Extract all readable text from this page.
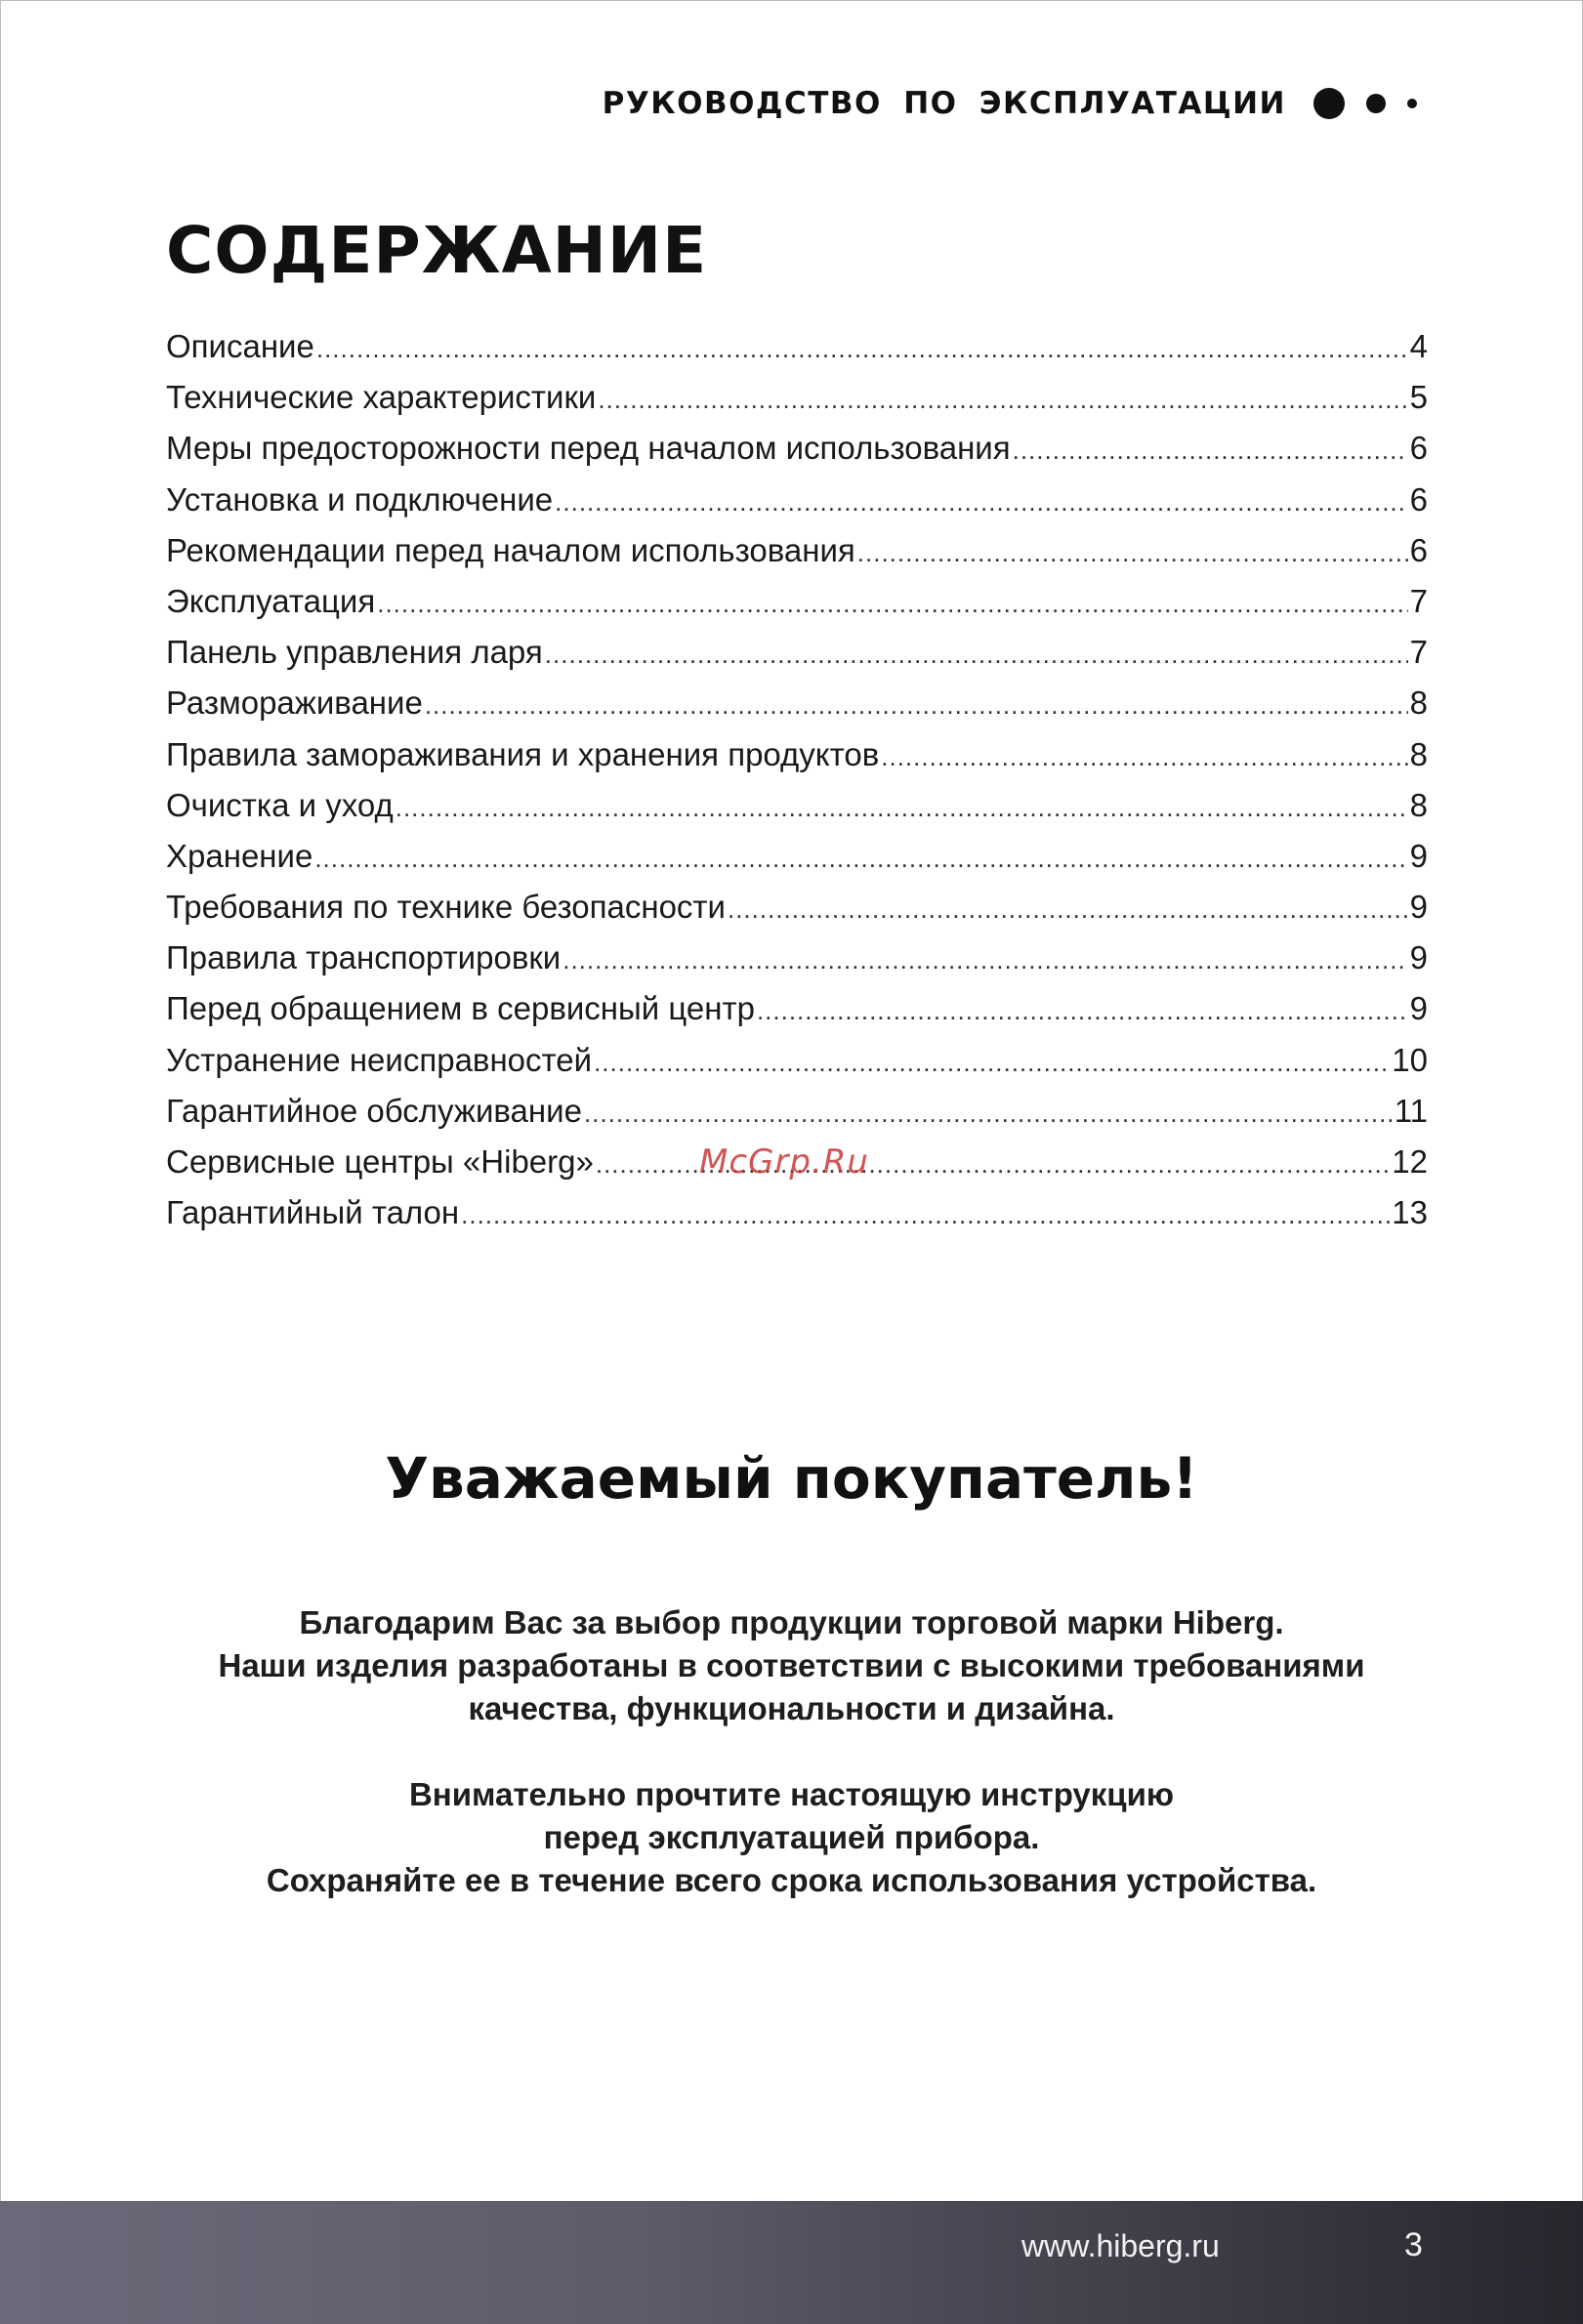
РУКОВОДСТВО ПО ЭКСПЛУАТАЦИИ
СОДЕРЖАНИЕ
Описание .....	4
Технические характеристики .....	5
Меры предосторожности перед началом использования .....	6
Установка и подключение .....	6
Рекомендации перед началом использования .....	6
Эксплуатация .....	7
Панель управления ларя .....	7
Размораживание .....	8
Правила замораживания и хранения продуктов .....	8
Очистка и уход .....	8
Хранение .....	9
Требования по технике безопасности .....	9
Правила транспортировки .....	9
Перед обращением в сервисный центр .....	9
Устранение неисправностей .....	10
Гарантийное обслуживание .....	11
Сервисные центры «Hiberg» .....	12
Гарантийный талон .....	13
McGrp.Ru
Уважаемый покупатель!

Благодарим Вас за выбор продукции торговой марки Hiberg.
Наши изделия разработаны в соответствии с высокими требованиями
качества, функциональности и дизайна.

Внимательно прочтите настоящую инструкцию
перед эксплуатацией прибора.
Сохраняйте ее в течение всего срока использования устройства.

www.hiberg.ru	3
